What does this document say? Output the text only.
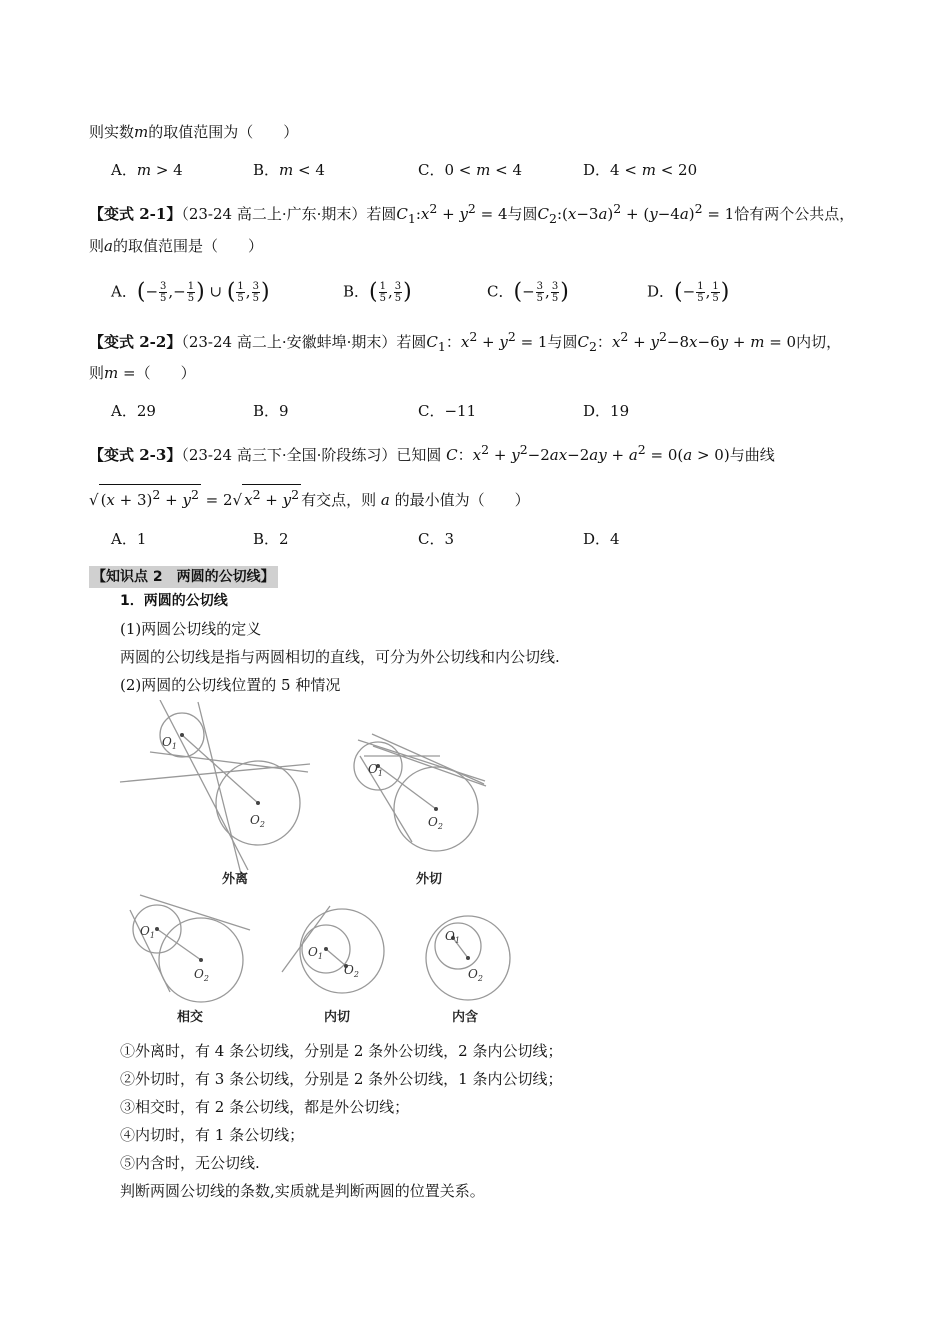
则实数m的取值范围为（　　）
A．m > 4	B．m < 4	C．0 < m < 4	D．4 < m < 20
【变式 2-1】（23-24 高二上·广东·期末）若圆$C_1:x^2 + y^2 = 4$与圆$C_2:(x-3a)^2 + (y-4a)^2 = 1$恰有两个公共点，
则a的取值范围是（　　）
A．(− $\frac{3}{5}$ ,− $\frac{1}{5}$ ) ∪ ( $\frac{1}{5}$ , $\frac{3}{5}$ )	B．( $\frac{1}{5}$ , $\frac{3}{5}$ )	C．(− $\frac{3}{5}$ , $\frac{3}{5}$ )	D．(− $\frac{1}{5}$ , $\frac{1}{5}$ )
【变式 2-2】（23-24 高二上·安徽蚌埠·期末）若圆$C_1$：$x^2 + y^2 = 1$与圆$C_2$：$x^2 + y^2-8x-6y + m = 0$内切，
则m =（　　）
A．29	B．9	C．−11	D．19
【变式 2-3】（23-24 高三下·全国·阶段练习）已知圆 C：$x^2 + y^2-2ax-2ay + a^2 = 0(a > 0)$与曲线
√ $(x + 3)^2 + y^2 = 2√$ $x^2 + y^2$ 有交点，则 a 的最小值为（　　）
A．1	B．2	C．3	D．4
【知识点 2　两圆的公切线】
1．两圆的公切线
(1)两圆公切线的定义
两圆的公切线是指与两圆相切的直线，可分为外公切线和内公切线.
(2)两圆的公切线位置的 5 种情况
$O_1$
$O_2$
$O_1$
$O_2$
$O_1$
$O_2$
$O_1$
$O_2$
$O_1$
$O_2$
外离	外切
相交	内切	内含
①外离时，有 4 条公切线，分别是 2 条外公切线，2 条内公切线；
②外切时，有 3 条公切线，分别是 2 条外公切线，1 条内公切线；
③相交时，有 2 条公切线，都是外公切线；
④内切时，有 1 条公切线；
⑤内含时，无公切线.
判断两圆公切线的条数,实质就是判断两圆的位置关系。
